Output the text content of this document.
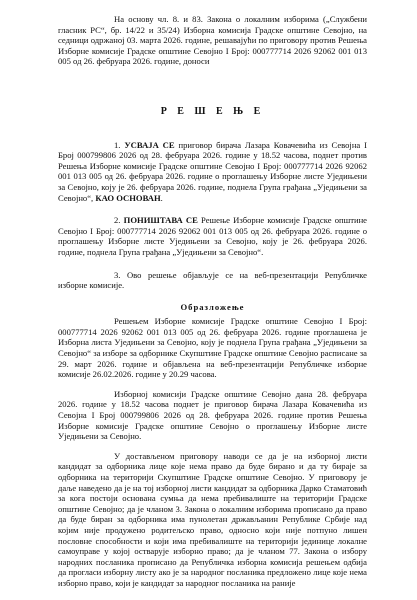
На основу чл. 8. и 83. Закона о локалним изборима („Службени гласник РС“, бр. 14/22 и 35/24) Изборна комисија Градске општине Севојно, на седници одржаној 03. марта 2026. године, решавајући по приговору против Решења Изборне комисије Градске општине Севојно I Број: 000777714 2026 92062 001 013 005 од 26. фебруара 2026. године, доноси

Р Е Ш Е Њ Е

1. УСВАЈА СЕ приговор бирача Лазара Ковачевића из Севојна I Број 000799806 2026 од 28. фебруара 2026. године у 18.52 часова, поднет против Решења Изборне комисије Градске општине Севојно I Број: 000777714 2026 92062 001 013 005 од 26. фебруара 2026. године о проглашењу Изборне листе Уједињени за Севојно, коју је 26. фебруара 2026. године, поднела Група грађана „Уједињени за Севојно“, КАО ОСНОВАН.

2. ПОНИШТАВА СЕ Решење Изборне комисије Градске општине Севојно I Број: 000777714 2026 92062 001 013 005 од 26. фебруара 2026. године о проглашењу Изборне листе Уједињени за Севојно, коју је 26. фебруара 2026. године, поднела Група грађана „Уједињени за Севојно“.

3. Ово решење објављује се на веб-презентацији Републичке изборне комисије.

Образложење

Решењем Изборне комисије Градске општине Севојно I Број: 000777714 2026 92062 001 013 005 од 26. фебруара 2026. године проглашена је Изборна листа Уједињени за Севојно, коју је поднела Група грађана „Уједињени за Севојно“ за изборе за одборнике Скупштине Градске општине Севојно расписане за 29. март 2026. године и објављена на веб-презентацији Републичке изборне комисије 26.02.2026. године у 20.29 часова.

Изборној комисији Градске општине Севојно дана 28. фебруара 2026. године у 18.52 часова поднет је приговор бирача Лазара Ковачевића из Севојна I Број 000799806 2026 од 28. фебруара 2026. године против Решења Изборне комисије Градске општине Севојно о проглашењу Изборне листе Уједињени за Севојно.

У достављеном приговору наводи се да је на изборној листи кандидат за одборника лице које нема право да буде бирано и да ту бираје за одборника на територији Скупштине Градске општине Севојно. У приговору је даље наведено да је на тој изборној листи кандидат за одборника Дарко Стаматовић за кога постоји основана сумња да нема пребивалиште на територији Градске општине Севојно; да је чланом 3. Закона о локалним изборима прописано да право да буде биран за одборника има пунолетан држављанин Републике Србије над којим није продужено родитељско право, односно који није потпуно лишен пословне способности и који има пребивалиште на територији јединице локалне самоуправе у којој остварује изборно право; да је чланом 77. Закона о избору народних посланика прописано да Републичка изборна комисија решењем одбија да прогласи изборну листу ако је за народног посланика предложено лице које нема изборно право, који је кандидат за народног посланика на ранијe
